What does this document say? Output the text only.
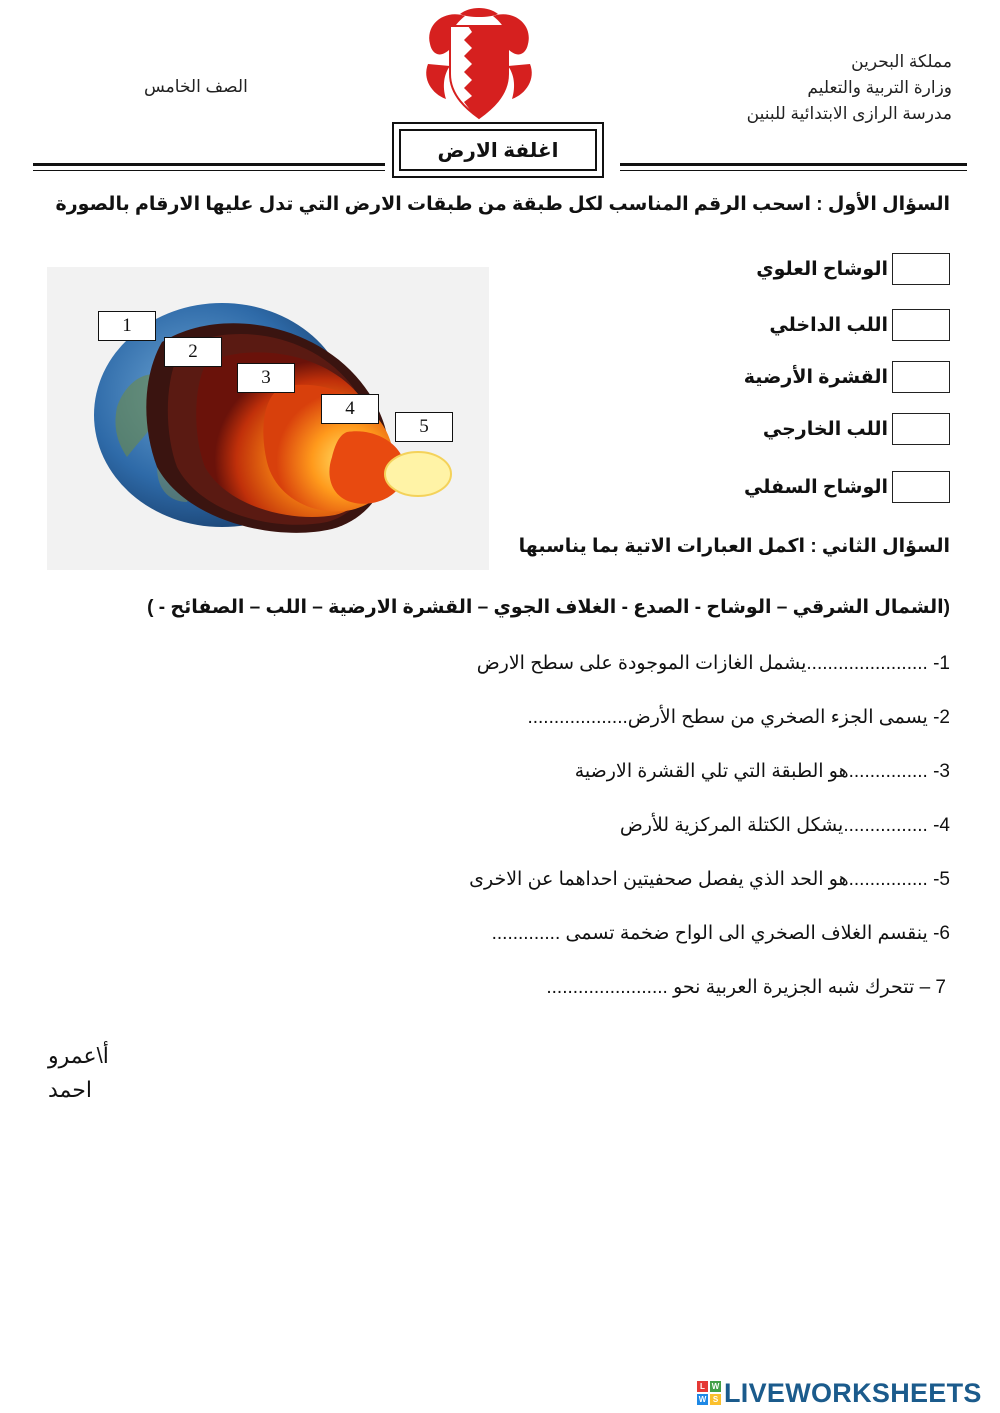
مملكة البحرين
وزارة التربية والتعليم
مدرسة الرازى الابتدائية للبنين
الصف الخامس
اغلفة الارض
السؤال الأول : اسحب الرقم المناسب لكل طبقة من طبقات الارض التي تدل عليها الارقام بالصورة
الوشاح العلوي
اللب الداخلي
القشرة الأرضية
اللب الخارجي
الوشاح السفلي
1
2
3
4
5
السؤال الثاني : اكمل العبارات الاتية بما يناسبها
(الشمال الشرقي – الوشاح - الصدع - الغلاف الجوي – القشرة الارضية – اللب – الصفائح - )
1- .......................يشمل الغازات الموجودة على سطح الارض
2- يسمى الجزء الصخري من سطح الأرض...................
3- ...............هو الطبقة التي تلي القشرة الارضية
4- ................يشكل الكتلة المركزية للأرض
5- ...............هو الحد الذي يفصل صحفيتين احداهما عن الاخرى
6- ينقسم الغلاف الصخري الى الواح ضخمة تسمى .............
7 – تتحرك شبه الجزيرة العربية نحو .......................
أ\عمرو
احمد
L W
W S LIVEWORKSHEETS
